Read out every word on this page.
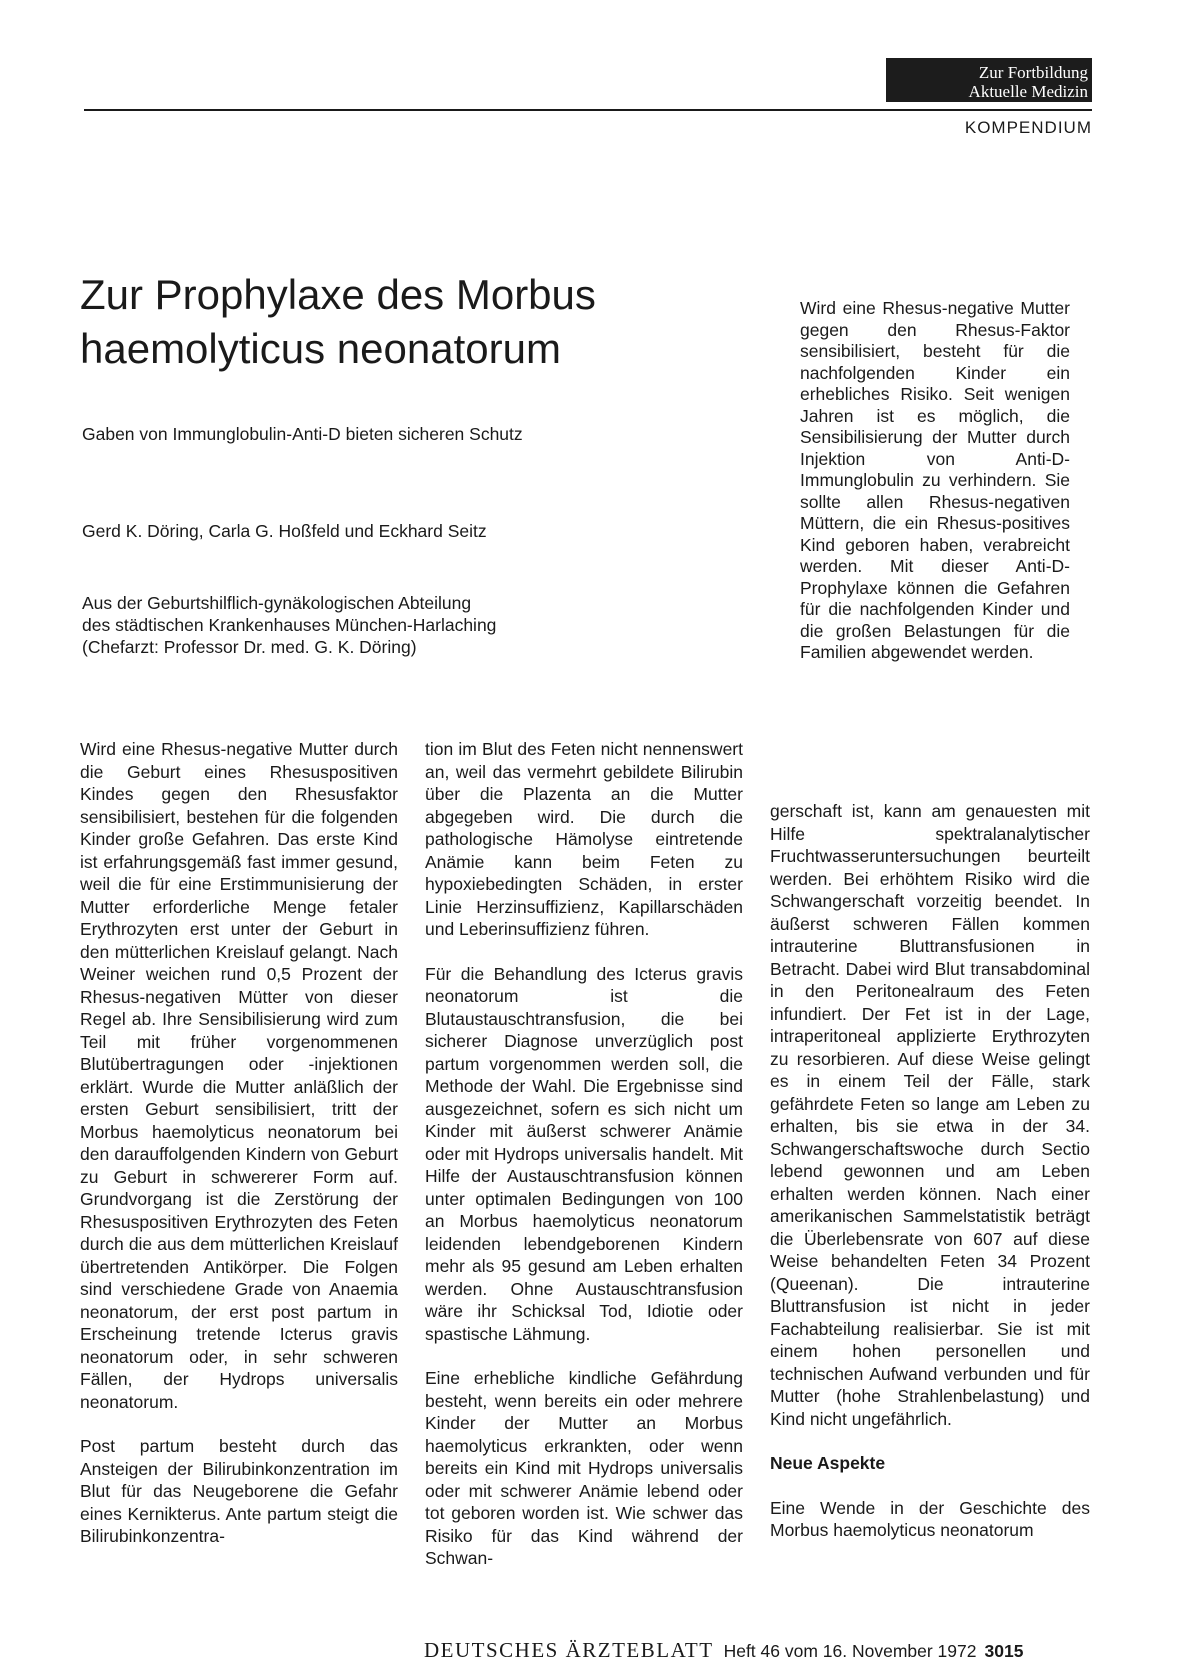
Zur Fortbildung
Aktuelle Medizin
KOMPENDIUM
Zur Prophylaxe des Morbus
haemolyticus neonatorum
Gaben von Immunglobulin-Anti-D bieten sicheren Schutz
Gerd K. Döring, Carla G. Hoßfeld und Eckhard Seitz
Aus der Geburtshilflich-gynäkologischen Abteilung
des städtischen Krankenhauses München-Harlaching
(Chefarzt: Professor Dr. med. G. K. Döring)
Wird eine Rhesus-negative Mutter gegen den Rhesus-Faktor sensibilisiert, besteht für die nachfolgenden Kinder ein erhebliches Risiko. Seit wenigen Jahren ist es möglich, die Sensibilisierung der Mutter durch Injektion von Anti-D-Immunglobulin zu verhindern. Sie sollte allen Rhesus-negativen Müttern, die ein Rhesus-positives Kind geboren haben, verabreicht werden. Mit dieser Anti-D-Prophylaxe können die Gefahren für die nachfolgenden Kinder und die großen Belastungen für die Familien abgewendet werden.

Wird eine Rhesus-negative Mutter durch die Geburt eines Rhesuspositiven Kindes gegen den Rhesusfaktor sensibilisiert, bestehen für die folgenden Kinder große Gefahren. Das erste Kind ist erfahrungsgemäß fast immer gesund, weil die für eine Erstimmunisierung der Mutter erforderliche Menge fetaler Erythrozyten erst unter der Geburt in den mütterlichen Kreislauf gelangt. Nach Weiner weichen rund 0,5 Prozent der Rhesus-negativen Mütter von dieser Regel ab. Ihre Sensibilisierung wird zum Teil mit früher vorgenommenen Blutübertragungen oder -injektionen erklärt. Wurde die Mutter anläßlich der ersten Geburt sensibilisiert, tritt der Morbus haemolyticus neonatorum bei den darauffolgenden Kindern von Geburt zu Geburt in schwererer Form auf. Grundvorgang ist die Zerstörung der Rhesuspositiven Erythrozyten des Feten durch die aus dem mütterlichen Kreislauf übertretenden Antikörper. Die Folgen sind verschiedene Grade von Anaemia neonatorum, der erst post partum in Erscheinung tretende Icterus gravis neonatorum oder, in sehr schweren Fällen, der Hydrops universalis neonatorum.

Post partum besteht durch das Ansteigen der Bilirubinkonzentration im Blut für das Neugeborene die Gefahr eines Kernikterus. Ante partum steigt die Bilirubinkonzentra-

tion im Blut des Feten nicht nennenswert an, weil das vermehrt gebildete Bilirubin über die Plazenta an die Mutter abgegeben wird. Die durch die pathologische Hämolyse eintretende Anämie kann beim Feten zu hypoxiebedingten Schäden, in erster Linie Herzinsuffizienz, Kapillarschäden und Leberinsuffizienz führen.

Für die Behandlung des Icterus gravis neonatorum ist die Blutaustauschtransfusion, die bei sicherer Diagnose unverzüglich post partum vorgenommen werden soll, die Methode der Wahl. Die Ergebnisse sind ausgezeichnet, sofern es sich nicht um Kinder mit äußerst schwerer Anämie oder mit Hydrops universalis handelt. Mit Hilfe der Austauschtransfusion können unter optimalen Bedingungen von 100 an Morbus haemolyticus neonatorum leidenden lebendgeborenen Kindern mehr als 95 gesund am Leben erhalten werden. Ohne Austauschtransfusion wäre ihr Schicksal Tod, Idiotie oder spastische Lähmung.

Eine erhebliche kindliche Gefährdung besteht, wenn bereits ein oder mehrere Kinder der Mutter an Morbus haemolyticus erkrankten, oder wenn bereits ein Kind mit Hydrops universalis oder mit schwerer Anämie lebend oder tot geboren worden ist. Wie schwer das Risiko für das Kind während der Schwan-

gerschaft ist, kann am genauesten mit Hilfe spektralanalytischer Fruchtwasseruntersuchungen beurteilt werden. Bei erhöhtem Risiko wird die Schwangerschaft vorzeitig beendet. In äußerst schweren Fällen kommen intrauterine Bluttransfusionen in Betracht. Dabei wird Blut transabdominal in den Peritonealraum des Feten infundiert. Der Fet ist in der Lage, intraperitoneal applizierte Erythrozyten zu resorbieren. Auf diese Weise gelingt es in einem Teil der Fälle, stark gefährdete Feten so lange am Leben zu erhalten, bis sie etwa in der 34. Schwangerschaftswoche durch Sectio lebend gewonnen und am Leben erhalten werden können. Nach einer amerikanischen Sammelstatistik beträgt die Überlebensrate von 607 auf diese Weise behandelten Feten 34 Prozent (Queenan). Die intrauterine Bluttransfusion ist nicht in jeder Fachabteilung realisierbar. Sie ist mit einem hohen personellen und technischen Aufwand verbunden und für Mutter (hohe Strahlenbelastung) und Kind nicht ungefährlich.

Neue Aspekte

Eine Wende in der Geschichte des Morbus haemolyticus neonatorum

DEUTSCHES ÄRZTEBLATT Heft 46 vom 16. November 1972 3015
